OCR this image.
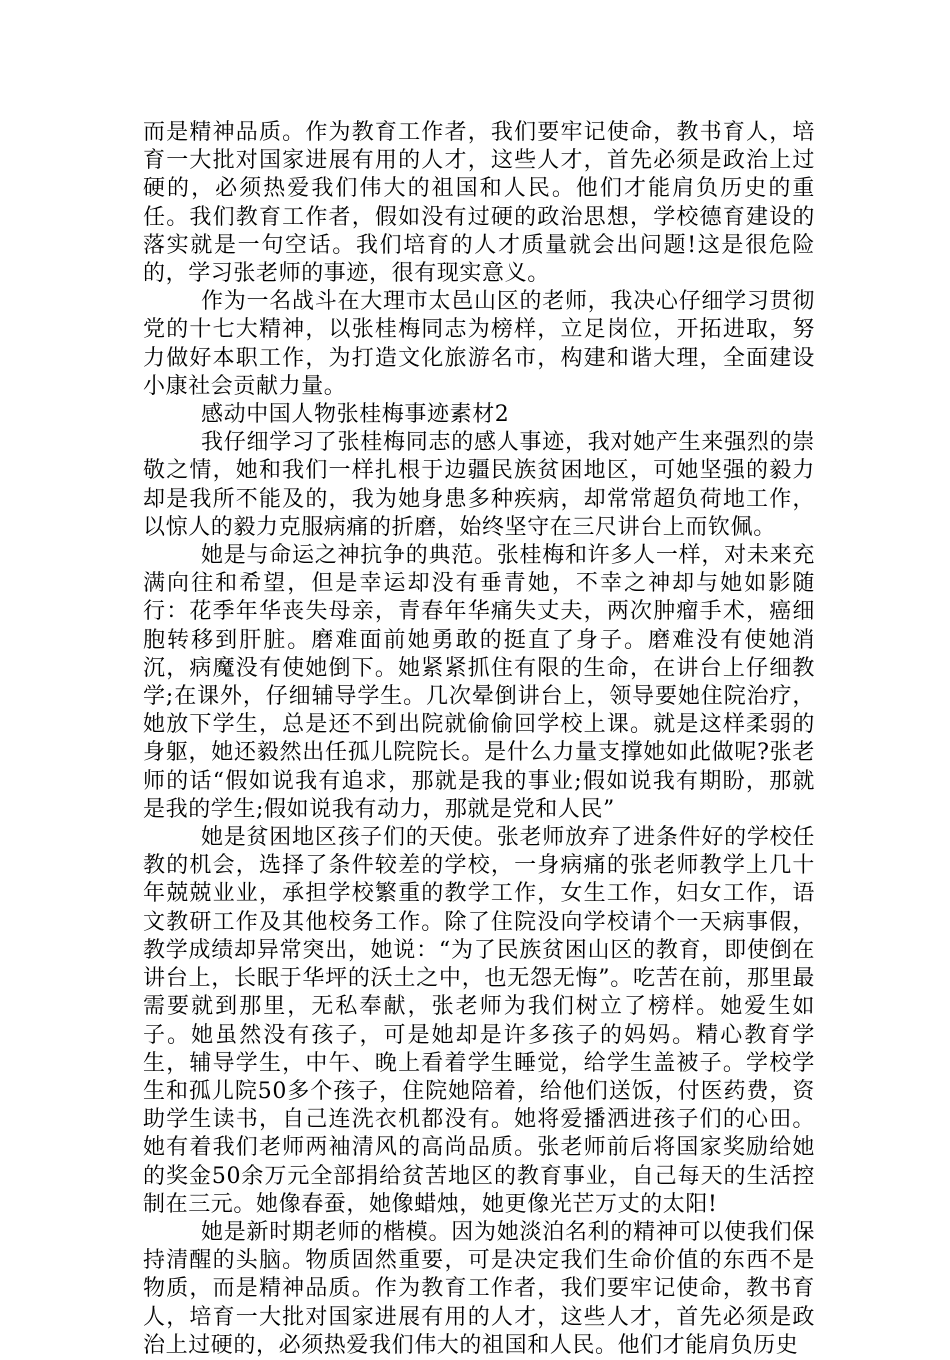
而是精神品质。作为教育工作者，我们要牢记使命，教书育人，培育一大批对国家进展有用的人才，这些人才，首先必须是政治上过硬的，必须热爱我们伟大的祖国和人民。他们才能肩负历史的重任。我们教育工作者，假如没有过硬的政治思想，学校德育建设的落实就是一句空话。我们培育的人才质量就会出问题!这是很危险的，学习张老师的事迹，很有现实意义。

作为一名战斗在大理市太邑山区的老师，我决心仔细学习贯彻党的十七大精神，以张桂梅同志为榜样，立足岗位，开拓进取，努力做好本职工作，为打造文化旅游名市，构建和谐大理，全面建设小康社会贡献力量。

感动中国人物张桂梅事迹素材2

我仔细学习了张桂梅同志的感人事迹，我对她产生来强烈的崇敬之情，她和我们一样扎根于边疆民族贫困地区，可她坚强的毅力却是我所不能及的，我为她身患多种疾病，却常常超负荷地工作，以惊人的毅力克服病痛的折磨，始终坚守在三尺讲台上而钦佩。

她是与命运之神抗争的典范。张桂梅和许多人一样，对未来充满向往和希望，但是幸运却没有垂青她，不幸之神却与她如影随行：花季年华丧失母亲，青春年华痛失丈夫，两次肿瘤手术，癌细胞转移到肝脏。磨难面前她勇敢的挺直了身子。磨难没有使她消沉，病魔没有使她倒下。她紧紧抓住有限的生命，在讲台上仔细教学;在课外，仔细辅导学生。几次晕倒讲台上，领导要她住院治疗，她放下学生，总是还不到出院就偷偷回学校上课。就是这样柔弱的身躯，她还毅然出任孤儿院院长。是什么力量支撑她如此做呢?张老师的话“假如说我有追求，那就是我的事业;假如说我有期盼，那就是我的学生;假如说我有动力，那就是党和人民”

她是贫困地区孩子们的天使。张老师放弃了进条件好的学校任教的机会，选择了条件较差的学校，一身病痛的张老师教学上几十年兢兢业业，承担学校繁重的教学工作，女生工作，妇女工作，语文教研工作及其他校务工作。除了住院没向学校请个一天病事假，教学成绩却异常突出，她说：“为了民族贫困山区的教育，即使倒在讲台上，长眠于华坪的沃土之中，也无怨无悔”。吃苦在前，那里最需要就到那里，无私奉献，张老师为我们树立了榜样。她爱生如子。她虽然没有孩子，可是她却是许多孩子的妈妈。精心教育学生，辅导学生，中午、晚上看着学生睡觉，给学生盖被子。学校学生和孤儿院50多个孩子，住院她陪着，给他们送饭，付医药费，资助学生读书，自己连洗衣机都没有。她将爱播洒进孩子们的心田。她有着我们老师两袖清风的高尚品质。张老师前后将国家奖励给她的奖金50余万元全部捐给贫苦地区的教育事业，自己每天的生活控制在三元。她像春蚕，她像蜡烛，她更像光芒万丈的太阳!

她是新时期老师的楷模。因为她淡泊名利的精神可以使我们保持清醒的头脑。物质固然重要，可是决定我们生命价值的东西不是物质，而是精神品质。作为教育工作者，我们要牢记使命，教书育人，培育一大批对国家进展有用的人才，这些人才，首先必须是政治上过硬的，必须热爱我们伟大的祖国和人民。他们才能肩负历史
